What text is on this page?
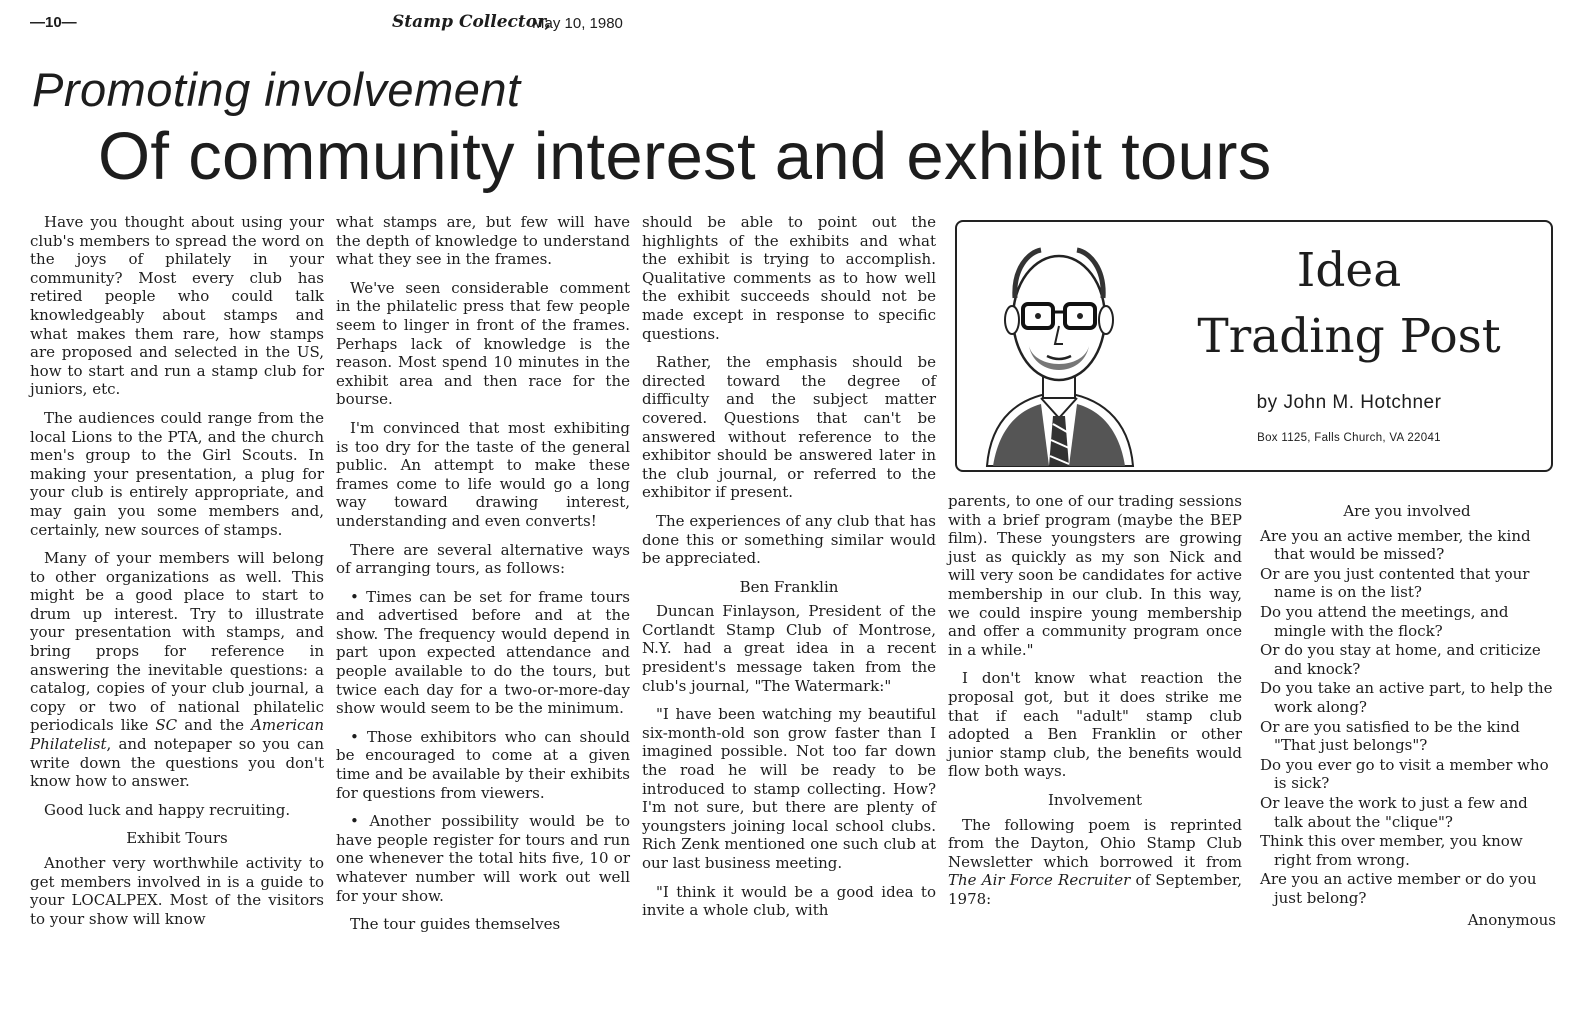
—10—	Stamp Collector,
May 10, 1980
Promoting involvement
Of community interest and exhibit tours

Have you thought about using your club's members to spread the word on the joys of philately in your community? Most every club has retired people who could talk knowledgeably about stamps and what makes them rare, how stamps are proposed and selected in the US, how to start and run a stamp club for juniors, etc.

The audiences could range from the local Lions to the PTA, and the church men's group to the Girl Scouts. In making your presentation, a plug for your club is entirely appropriate, and may gain you some members and, certainly, new sources of stamps.

Many of your members will belong to other organizations as well. This might be a good place to start to drum up interest. Try to illustrate your presentation with stamps, and bring props for reference in answering the inevitable questions: a catalog, copies of your club journal, a copy or two of national philatelic periodicals like SC and the American Philatelist, and notepaper so you can write down the questions you don't know how to answer.

Good luck and happy recruiting.

Exhibit Tours

Another very worthwhile activity to get members involved in is a guide to your LOCALPEX. Most of the visitors to your show will know

what stamps are, but few will have the depth of knowledge to understand what they see in the frames.

We've seen considerable comment in the philatelic press that few people seem to linger in front of the frames. Perhaps lack of knowledge is the reason. Most spend 10 minutes in the exhibit area and then race for the bourse.

I'm convinced that most exhibiting is too dry for the taste of the general public. An attempt to make these frames come to life would go a long way toward drawing interest, understanding and even converts!

There are several alternative ways of arranging tours, as follows:

• Times can be set for frame tours and advertised before and at the show. The frequency would depend in part upon expected attendance and people available to do the tours, but twice each day for a two-or-more-day show would seem to be the minimum.

• Those exhibitors who can should be encouraged to come at a given time and be available by their exhibits for questions from viewers.

• Another possibility would be to have people register for tours and run one whenever the total hits five, 10 or whatever number will work out well for your show.

The tour guides themselves

should be able to point out the highlights of the exhibits and what the exhibit is trying to accomplish. Qualitative comments as to how well the exhibit succeeds should not be made except in response to specific questions.

Rather, the emphasis should be directed toward the degree of difficulty and the subject matter covered. Questions that can't be answered without reference to the exhibitor should be answered later in the club journal, or referred to the exhibitor if present.

The experiences of any club that has done this or something similar would be appreciated.

Ben Franklin

Duncan Finlayson, President of the Cortlandt Stamp Club of Montrose, N.Y. had a great idea in a recent president's message taken from the club's journal, "The Watermark:"

"I have been watching my beautiful six-month-old son grow faster than I imagined possible. Not too far down the road he will be ready to be introduced to stamp collecting. How? I'm not sure, but there are plenty of youngsters joining local school clubs. Rich Zenk mentioned one such club at our last business meeting.

"I think it would be a good idea to invite a whole club, with

Idea
Trading Post
by John M. Hotchner
Box 1125, Falls Church, VA 22041

parents, to one of our trading sessions with a brief program (maybe the BEP film). These youngsters are growing just as quickly as my son Nick and will very soon be candidates for active membership in our club. In this way, we could inspire young membership and offer a community program once in a while."

I don't know what reaction the proposal got, but it does strike me that if each "adult" stamp club adopted a Ben Franklin or other junior stamp club, the benefits would flow both ways.

Involvement

The following poem is reprinted from the Dayton, Ohio Stamp Club Newsletter which borrowed it from The Air Force Recruiter of September, 1978:

Are you involved
Are you an active member, the kind that would be missed?
Or are you just contented that your name is on the list?
Do you attend the meetings, and mingle with the flock?
Or do you stay at home, and criticize and knock?
Do you take an active part, to help the work along?
Or are you satisfied to be the kind "That just belongs"?
Do you ever go to visit a member who is sick?
Or leave the work to just a few and talk about the "clique"?
Think this over member, you know right from wrong.
Are you an active member or do you just belong?
Anonymous
